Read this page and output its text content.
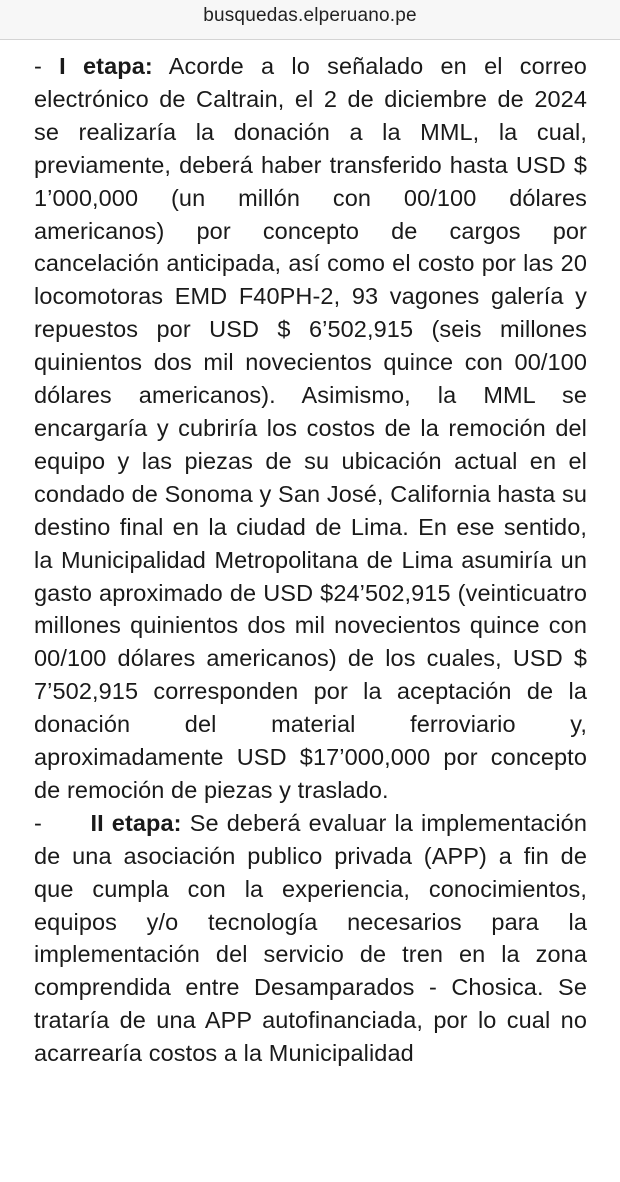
busquedas.elperuano.pe

- I etapa: Acorde a lo señalado en el correo electrónico de Caltrain, el 2 de diciembre de 2024 se realizaría la donación a la MML, la cual, previamente, deberá haber transferido hasta USD $ 1’000,000 (un millón con 00/100 dólares americanos) por concepto de cargos por cancelación anticipada, así como el costo por las 20 locomotoras EMD F40PH-2, 93 vagones galería y repuestos por USD $ 6’502,915 (seis millones quinientos dos mil novecientos quince con 00/100 dólares americanos). Asimismo, la MML se encargaría y cubriría los costos de la remoción del equipo y las piezas de su ubicación actual en el condado de Sonoma y San José, California hasta su destino final en la ciudad de Lima. En ese sentido, la Municipalidad Metropolitana de Lima asumiría un gasto aproximado de USD $24’502,915 (veinticuatro millones quinientos dos mil novecientos quince con 00/100 dólares americanos) de los cuales, USD $ 7’502,915 corresponden por la aceptación de la donación del material ferroviario y, aproximadamente USD $17’000,000 por concepto de remoción de piezas y traslado.

- II etapa: Se deberá evaluar la implementación de una asociación publico privada (APP) a fin de que cumpla con la experiencia, conocimientos, equipos y/o tecnología necesarios para la implementación del servicio de tren en la zona comprendida entre Desamparados - Chosica. Se trataría de una APP autofinanciada, por lo cual no acarrearía costos a la Municipalidad
